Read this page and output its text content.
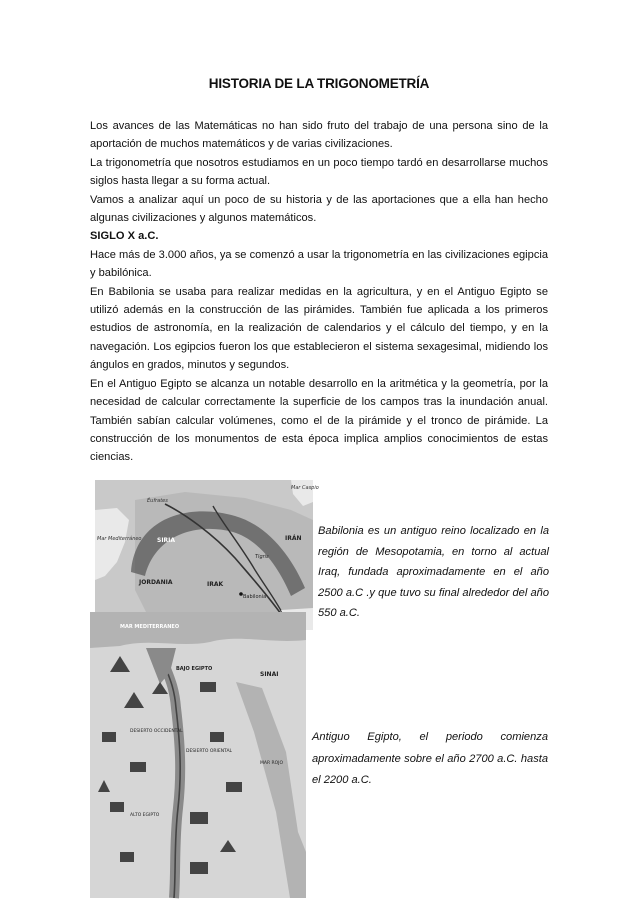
HISTORIA DE LA TRIGONOMETRÍA

Los avances de las Matemáticas no han sido fruto del trabajo de una persona sino de la aportación de muchos matemáticos y de varias civilizaciones.

La trigonometría que nosotros estudiamos en un poco tiempo tardó en desarrollarse muchos siglos hasta llegar a su forma actual.

Vamos a analizar aquí un poco de su historia y de las aportaciones que a ella han hecho algunas civilizaciones y algunos matemáticos.

SIGLO X a.C.

Hace más de 3.000 años, ya se comenzó a usar la trigonometría en las civilizaciones egipcia y babilónica.

En Babilonia se usaba para realizar medidas en la agricultura, y en el Antiguo Egipto se utilizó además en la construcción de las pirámides. También fue aplicada a los primeros estudios de astronomía, en la realización de calendarios y el cálculo del tiempo, y en la navegación. Los egipcios fueron los que establecieron el sistema sexagesimal, midiendo los ángulos en grados, minutos y segundos.

En el Antiguo Egipto se alcanza un notable desarrollo en la aritmética y la geometría, por la necesidad de calcular correctamente la superficie de los campos tras la inundación anual. También sabían calcular volúmenes, como el de la pirámide y el tronco de pirámide. La construcción de los monumentos de esta época implica amplios conocimientos de estas ciencias.

Mar Caspio
Éufrates
Mar Mediterráneo	SIRIA	IRÁN
JORDANIA	IRAK
Tigris
Babilonia
MAR MEDITERRANEO
BAJO EGIPTO
SINAI
DESIERTO ORIENTAL
DESIERTO OCCIDENTAL
MAR ROJO
ALTO EGIPTO
Babilonia es un antiguo reino localizado en la región de Mesopotamia, en torno al actual Iraq, fundada aproximadamente en el año 2500 a.C .y que tuvo su final alrededor del año 550 a.C.
Antiguo Egipto, el periodo comienza aproximadamente sobre el año 2700 a.C. hasta el 2200 a.C.
